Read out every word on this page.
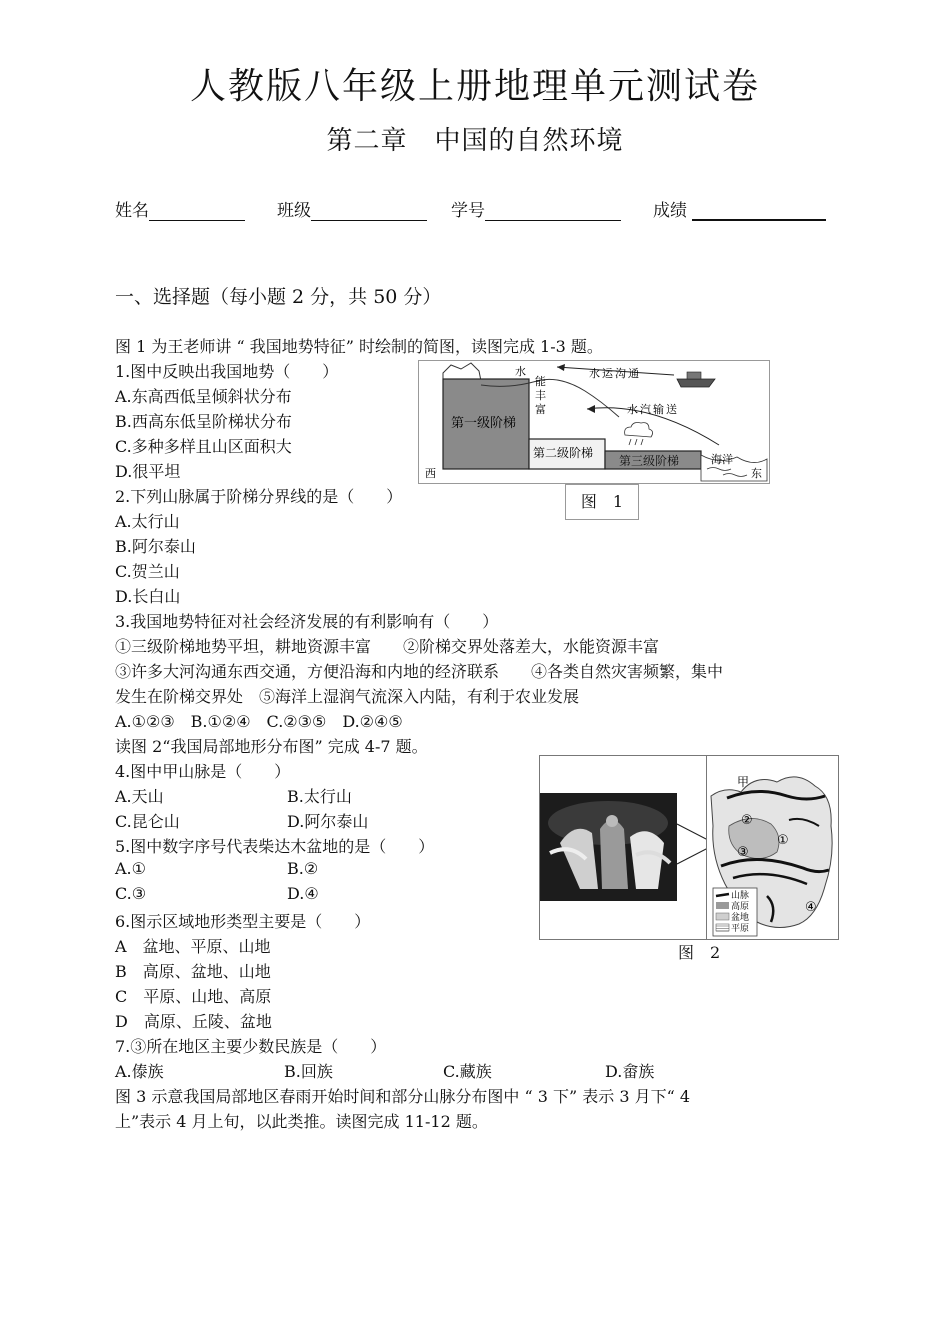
人教版八年级上册地理单元测试卷
第二章　中国的自然环境
姓名	班级	学号	成绩
一、选择题（每小题 2 分，共 50 分）
图 1 为王老师讲 “ 我国地势特征” 时绘制的简图，读图完成 1-3 题。
1.图中反映出我国地势（　　）
A.东高西低呈倾斜状分布
B.西高东低呈阶梯状分布
C.多种多样且山区面积大
D.很平坦
2.下列山脉属于阶梯分界线的是（　　）
A.太行山
B.阿尔泰山
C.贺兰山
D.长白山
3.我国地势特征对社会经济发展的有利影响有（　　）
①三级阶梯地势平坦，耕地资源丰富　　②阶梯交界处落差大，水能资源丰富
③许多大河沟通东西交通，方便沿海和内地的经济联系　　④各类自然灾害频繁，集中
发生在阶梯交界处　⑤海洋上湿润气流深入内陆，有利于农业发展
A.①②③　B.①②④　C.②③⑤　D.②④⑤
读图 2“我国局部地形分布图” 完成 4-7 题。
4.图中甲山脉是（　　）
A.天山	B.太行山
C.昆仑山	D.阿尔泰山
5.图中数字序号代表柴达木盆地的是（　　）
A.①	B.②
C.③	D.④
6.图示区域地形类型主要是（　　）
A　盆地、平原、山地
B　高原、盆地、山地
C　平原、山地、高原
D　高原、丘陵、盆地
7.③所在地区主要少数民族是（　　）
A.傣族	B.回族	C.藏族	D.畲族
图 3 示意我国局部地区春雨开始时间和部分山脉分布图中 “ 3 下” 表示 3 月下“ 4
上”表示 4 月上旬，以此类推。读图完成 11-12 题。
水
能
丰
富
水运沟通
水汽输送
第一级阶梯
第二级阶梯
第三级阶梯	海洋
西	东
图　1
甲
②
①
③
④
山脉
高原
盆地
平原
图　2
